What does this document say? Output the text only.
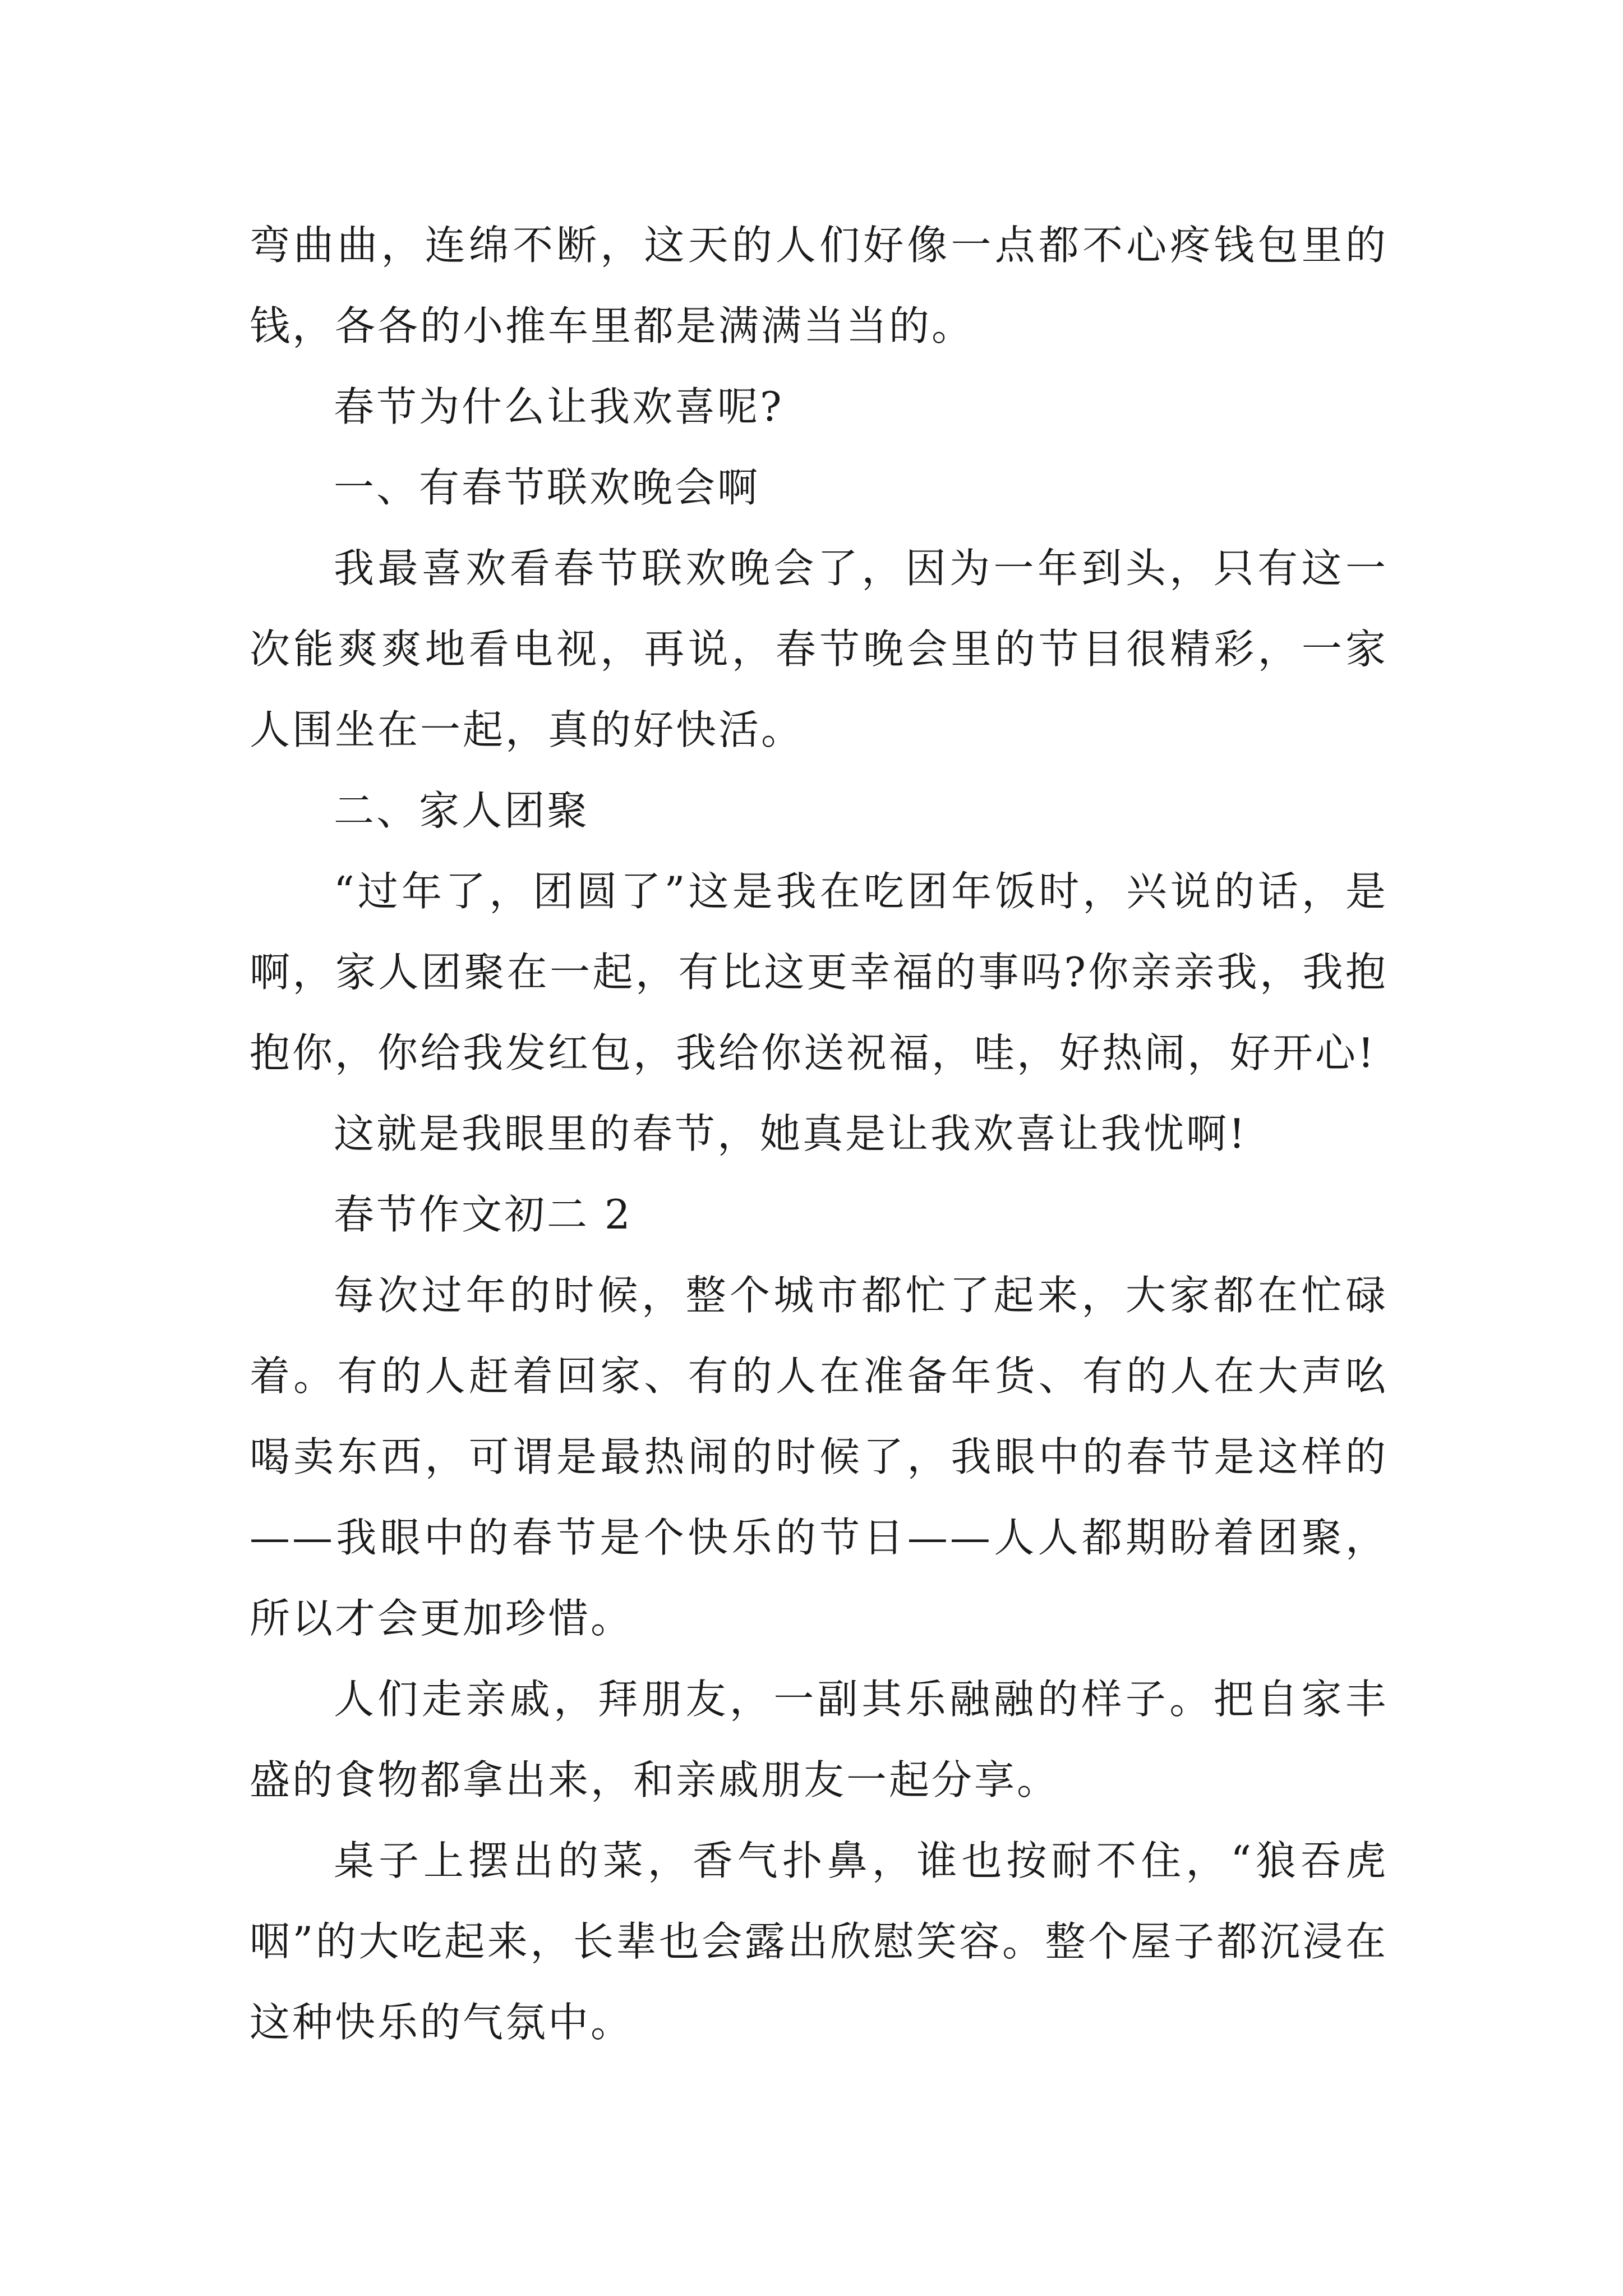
弯曲曲，连绵不断，这天的人们好像一点都不心疼钱包里的钱，各各的小推车里都是满满当当的。

春节为什么让我欢喜呢?

一、有春节联欢晚会啊

我最喜欢看春节联欢晚会了，因为一年到头，只有这一次能爽爽地看电视，再说，春节晚会里的节目很精彩，一家人围坐在一起，真的好快活。

二、家人团聚

“过年了，团圆了”这是我在吃团年饭时，兴说的话，是啊，家人团聚在一起，有比这更幸福的事吗?你亲亲我，我抱抱你，你给我发红包，我给你送祝福，哇，好热闹，好开心!

这就是我眼里的春节，她真是让我欢喜让我忧啊!

春节作文初二 2

每次过年的时候，整个城市都忙了起来，大家都在忙碌着。有的人赶着回家、有的人在准备年货、有的人在大声吆喝卖东西，可谓是最热闹的时候了，我眼中的春节是这样的——我眼中的春节是个快乐的节日——人人都期盼着团聚，所以才会更加珍惜。

人们走亲戚，拜朋友，一副其乐融融的样子。把自家丰盛的食物都拿出来，和亲戚朋友一起分享。

桌子上摆出的菜，香气扑鼻，谁也按耐不住，“狼吞虎咽”的大吃起来，长辈也会露出欣慰笑容。整个屋子都沉浸在这种快乐的气氛中。
